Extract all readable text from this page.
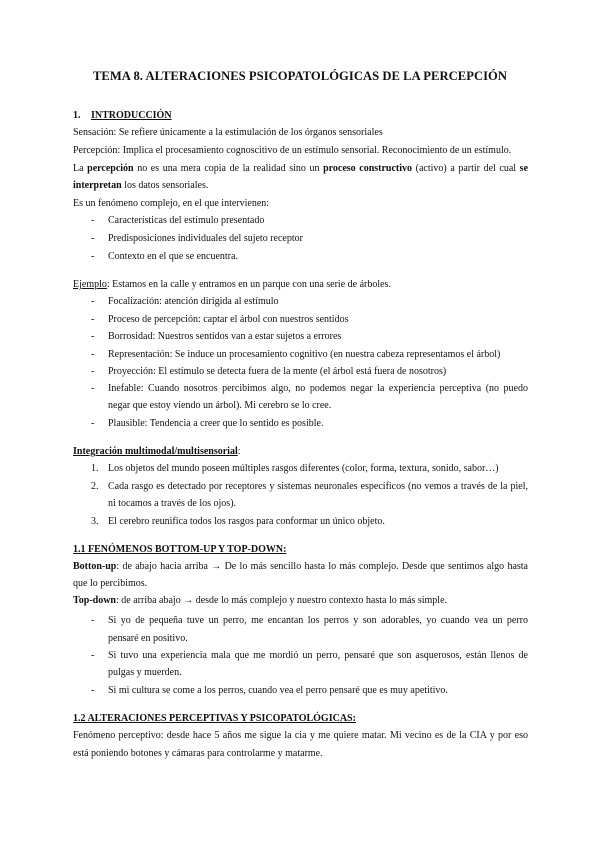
TEMA 8. ALTERACIONES PSICOPATOLÓGICAS DE LA PERCEPCIÓN
1. INTRODUCCIÓN
Sensación: Se refiere únicamente a la estimulación de los órganos sensoriales
Percepción: Implica el procesamiento cognoscitivo de un estímulo sensorial. Reconocimiento de un estímulo.
La percepción no es una mera copia de la realidad sino un proceso constructivo (activo) a partir del cual se
interpretan los datos sensoriales.
Es un fenómeno complejo, en el que intervienen:
- Características del estímulo presentado
- Predisposiciones individuales del sujeto receptor
- Contexto en el que se encuentra.
Ejemplo: Estamos en la calle y entramos en un parque con una serie de árboles.
- Focalización: atención dirigida al estímulo
- Proceso de percepción: captar el árbol con nuestros sentidos
- Borrosidad: Nuestros sentidos van a estar sujetos a errores
- Representación: Se induce un procesamiento cognitivo (en nuestra cabeza representamos el árbol)
- Proyección: El estímulo se detecta fuera de la mente (el árbol está fuera de nosotros)
- Inefable: Cuando nosotros percibimos algo, no podemos negar la experiencia perceptiva (no puedo
negar que estoy viendo un árbol). Mi cerebro se lo cree.
- Plausible: Tendencia a creer que lo sentido es posible.
Integración multimodal/multisensorial:
1. Los objetos del mundo poseen múltiples rasgos diferentes (color, forma, textura, sonido, sabor…)
2. Cada rasgo es detectado por receptores y sistemas neuronales específicos (no vemos a través de la piel,
ni tocamos a través de los ojos).
3. El cerebro reunifica todos los rasgos para conformar un único objeto.
1.1 FENÓMENOS BOTTOM-UP Y TOP-DOWN:
Botton-up: de abajo hacia arriba → De lo más sencillo hasta lo más complejo. Desde que sentimos algo hasta
que lo percibimos.
Top-down: de arriba abajo → desde lo más complejo y nuestro contexto hasta lo más simple.
- Si yo de pequeña tuve un perro, me encantan los perros y son adorables, yo cuando vea un perro
pensaré en positivo.
- Si tuvo una experiencia mala que me mordió un perro, pensaré que son asquerosos, están llenos de
pulgas y muerden.
- Si mi cultura se come a los perros, cuando vea el perro pensaré que es muy apetitivo.
1.2 ALTERACIONES PERCEPTIVAS Y PSICOPATOLÓGICAS:
Fenómeno perceptivo: desde hace 5 años me sigue la cia y me quiere matar. Mi vecino es de la CIA y por eso
está poniendo botones y cámaras para controlarme y matarme.
